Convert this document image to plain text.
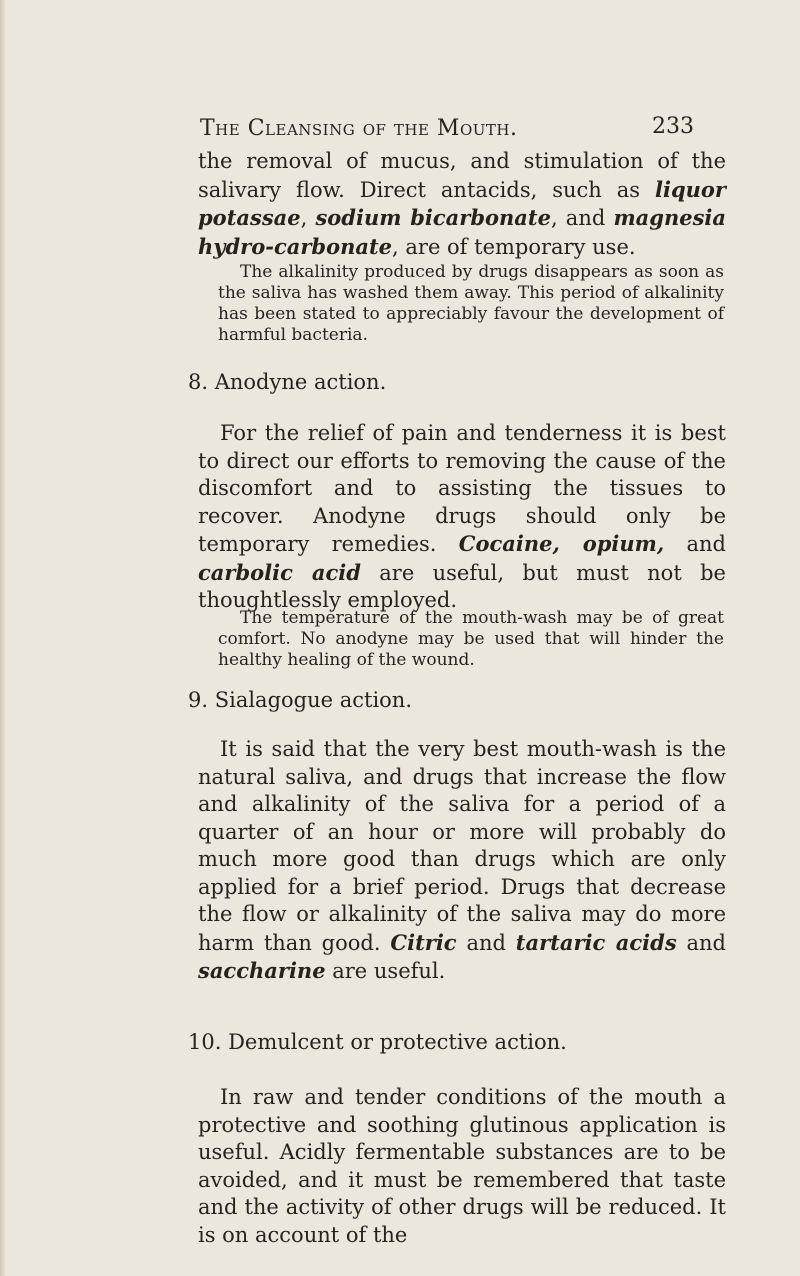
The Cleansing of the Mouth.	233

the removal of mucus, and stimulation of the salivary flow. Direct antacids, such as liquor potassae, sodium bicarbonate, and magnesia hydro-carbonate, are of temporary use.

The alkalinity produced by drugs disappears as soon as the saliva has washed them away. This period of alkalinity has been stated to appreciably favour the development of harmful bacteria.
8. Anodyne action.

For the relief of pain and tenderness it is best to direct our efforts to removing the cause of the discomfort and to assisting the tissues to recover. Anodyne drugs should only be temporary remedies. Cocaine, opium, and carbolic acid are useful, but must not be thoughtlessly employed.

The temperature of the mouth-wash may be of great comfort. No anodyne may be used that will hinder the healthy healing of the wound.
9. Sialagogue action.

It is said that the very best mouth-wash is the natural saliva, and drugs that increase the flow and alkalinity of the saliva for a period of a quarter of an hour or more will probably do much more good than drugs which are only applied for a brief period. Drugs that decrease the flow or alkalinity of the saliva may do more harm than good. Citric and tartaric acids and saccharine are useful.

10. Demulcent or protective action.
In raw and tender conditions of the mouth a protective and soothing glutinous application is useful. Acidly fermentable substances are to be avoided, and it must be remembered that taste and the activity of other drugs will be reduced. It is on account of the
